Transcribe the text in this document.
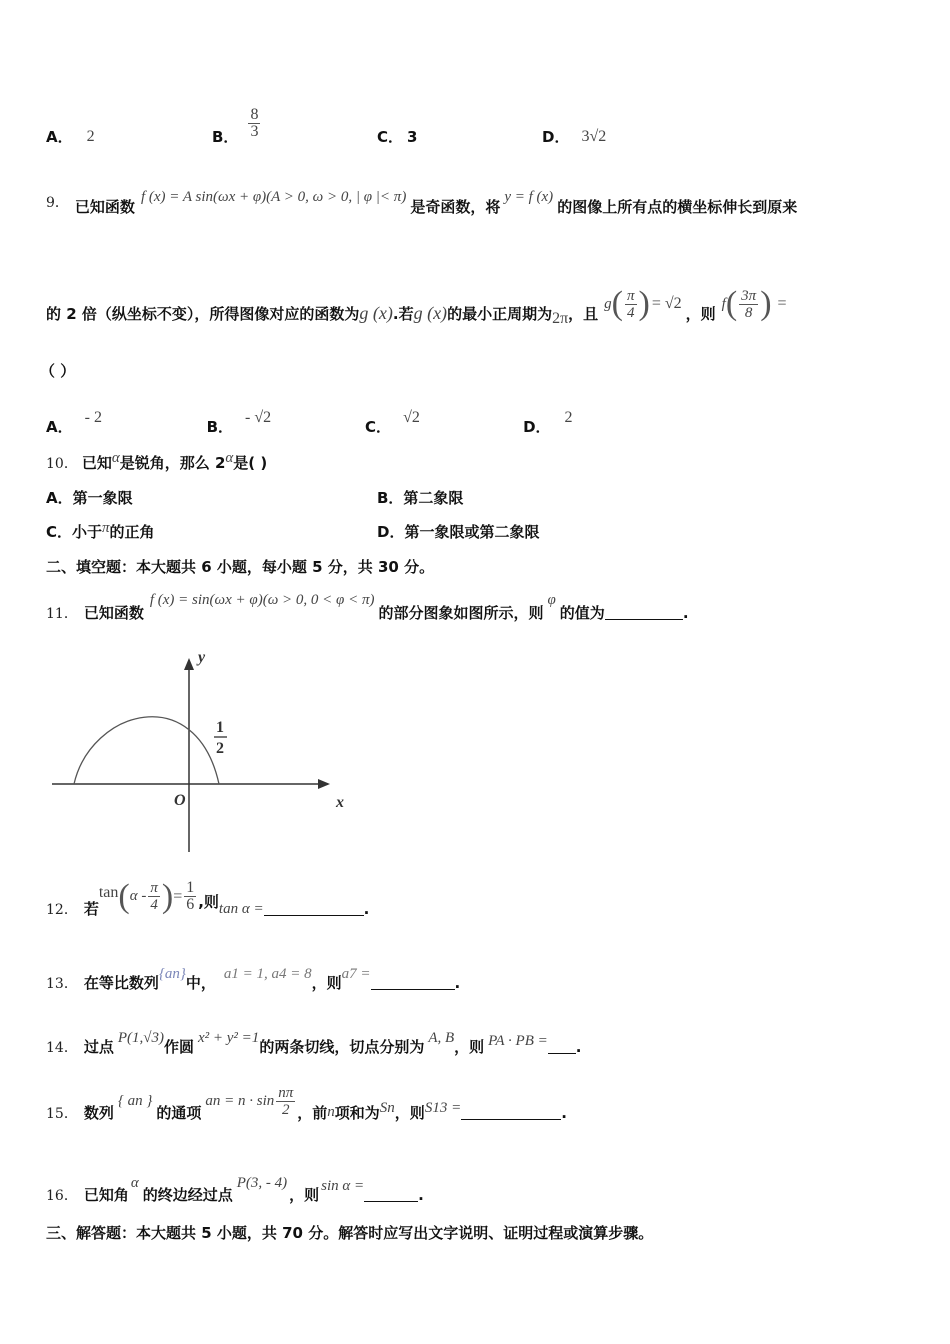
A． 2	B． $\frac{8}{3}$	C． 3	D． 3√2
9． 已知函数
f (x) = A sin(ωx + φ)(A > 0, ω > 0, | φ |< π)
是奇函数，将
y = f (x)
的图像上所有点的横坐标伸长到原来
的 2 倍（纵坐标不变），所得图像对应的函数为 g (x) .若 g (x) 的最小正周期为 2π ，且
g ( $\frac{\pi}{4}$ ) = √2
，则
f ( $\frac{3\pi}{8}$ ) =
（ ）
A．
- 2
B．
- √2
C．
√2
D．
2
10． 已知 α 是锐角，那么 2 α 是( )
A．第一象限	B．第二象限
C．小于 π 的正角	D．第一象限或第二象限
二、填空题：本大题共 6 小题，每小题 5 分，共 30 分。
11． 已知函数
f (x) = sin(ωx + φ)(ω > 0, 0 < φ < π)
的部分图象如图所示，则
φ
的值为	.
y
x
O
1
2
12． 若
tan ( α - $\frac{\pi}{4}$ ) = $\frac{1}{6}$ ,则 tan α =	.
13． 在等比数列 {an} 中， a1 = 1, a4 = 8 ，则 a7 =	.
14． 过点 P(1,√3) 作圆 x² + y² =1 的两条切线，切点分别为 A, B ，则 PA · PB = .
15． 数列
{ an }
的通项
an = $n \cdot \sin \frac{n\pi}{2}$ ，前 n 项和为 Sn ，则 S13 =	.
16． 已知角
α
的终边经过点
P(3, - 4)
，则 sin α =	.
三、解答题：本大题共 5 小题，共 70 分。解答时应写出文字说明、证明过程或演算步骤。
